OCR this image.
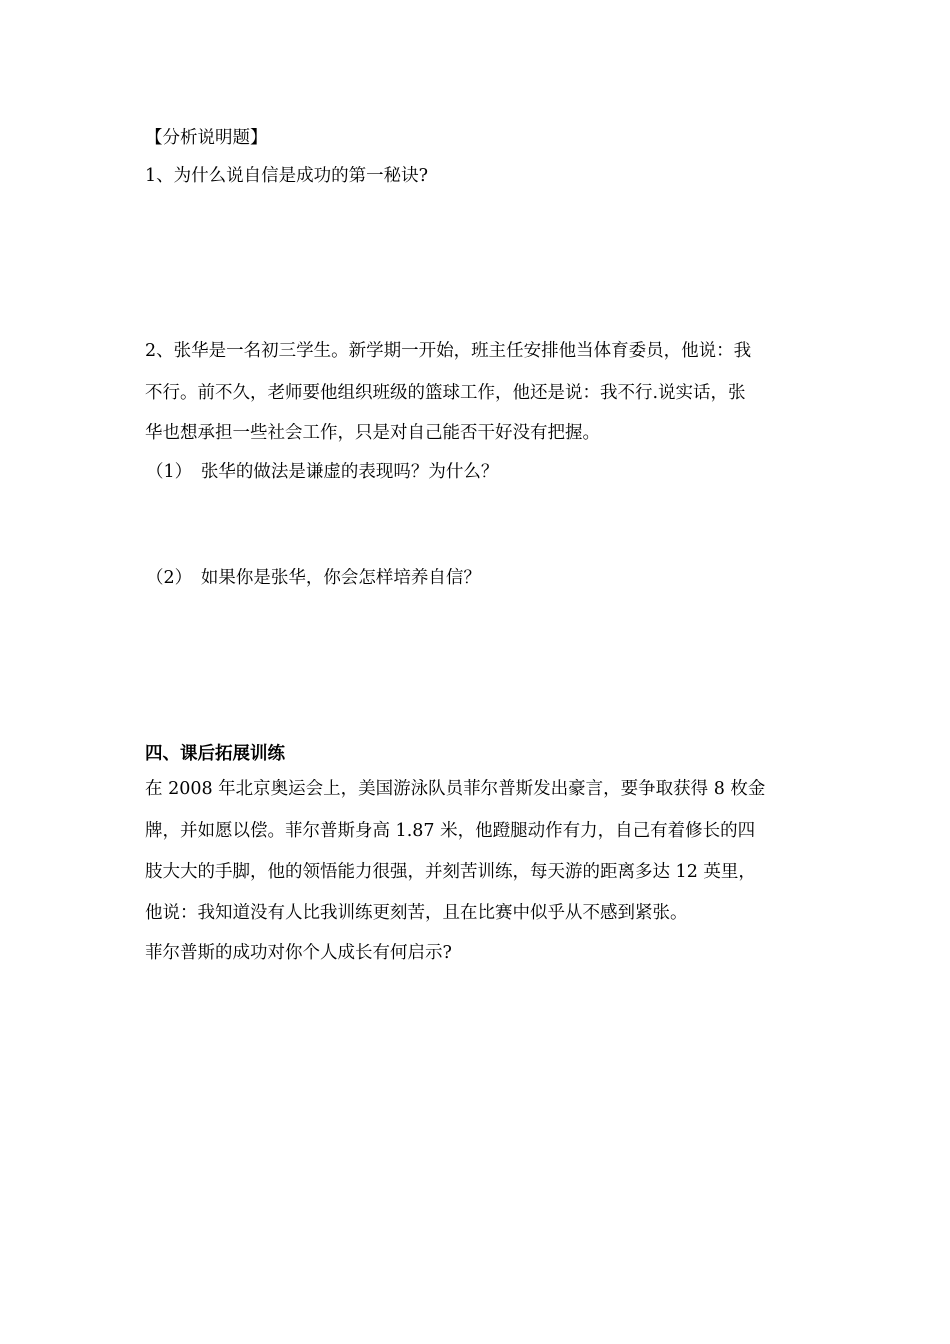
【分析说明题】

1、为什么说自信是成功的第一秘诀?

2、张华是一名初三学生。新学期一开始，班主任安排他当体育委员，他说：我

不行。前不久，老师要他组织班级的篮球工作，他还是说：我不行.说实话，张

华也想承担一些社会工作，只是对自己能否干好没有把握。

（1）　张华的做法是谦虚的表现吗？为什么？

（2）　如果你是张华，你会怎样培养自信？

四、课后拓展训练

在 2008 年北京奥运会上，美国游泳队员菲尔普斯发出豪言，要争取获得 8 枚金

牌，并如愿以偿。菲尔普斯身高 1.87 米，他蹬腿动作有力，自己有着修长的四

肢大大的手脚，他的领悟能力很强，并刻苦训练，每天游的距离多达 12 英里，

他说：我知道没有人比我训练更刻苦，且在比赛中似乎从不感到紧张。

菲尔普斯的成功对你个人成长有何启示?
